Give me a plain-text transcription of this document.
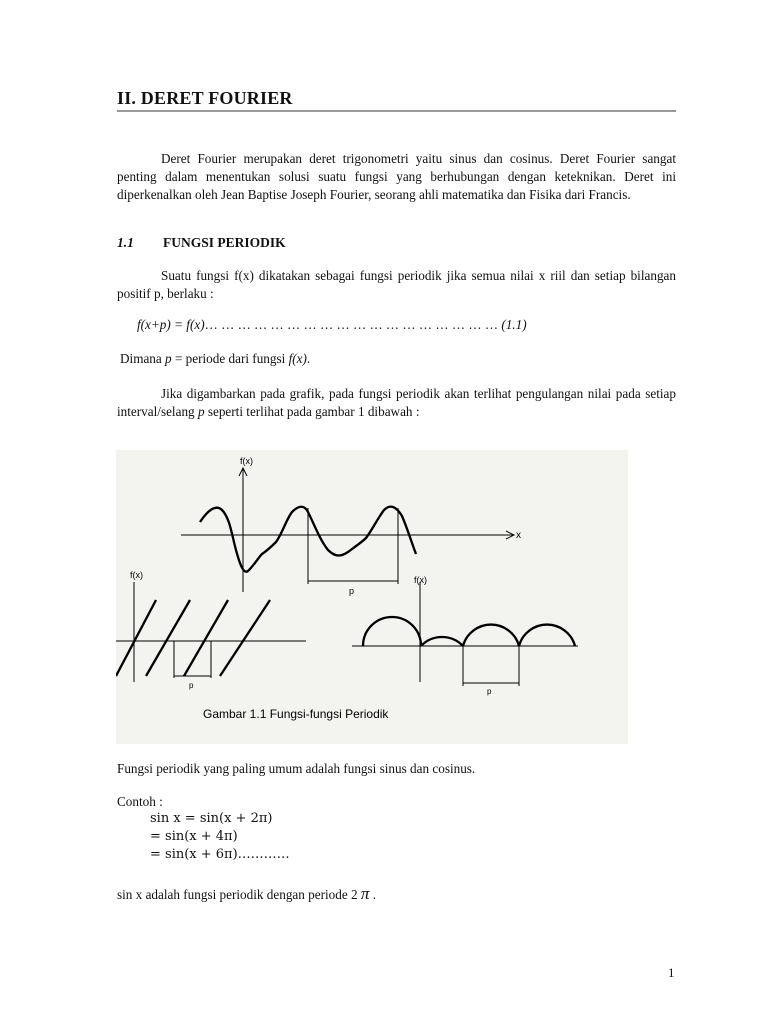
II. DERET FOURIER

Deret Fourier merupakan deret trigonometri yaitu sinus dan cosinus. Deret Fourier sangat penting dalam menentukan solusi suatu fungsi yang berhubungan dengan keteknikan. Deret ini diperkenalkan oleh Jean Baptise Joseph Fourier, seorang ahli matematika dan Fisika dari Francis.

1.1 FUNGSI PERIODIK

Suatu fungsi f(x) dikatakan sebagai fungsi periodik jika semua nilai x riil dan setiap bilangan positif p, berlaku :

f(x+p) = f(x)… … … … … … … … … … … … … … … … … … (1.1)
Dimana p = periode dari fungsi f(x).

Jika digambarkan pada grafik, pada fungsi periodik akan terlihat pengulangan nilai pada setiap interval/selang p seperti terlihat pada gambar 1 dibawah :

f(x)
x
p
f(x)
p
f(x)
p
Gambar 1.1 Fungsi-fungsi Periodik
Fungsi periodik yang paling umum adalah fungsi sinus dan cosinus.
Contoh :
sin x = sin(x + 2π)
= sin(x + 4π)
= sin(x + 6π)…………
sin x adalah fungsi periodik dengan periode 2 π .
1
